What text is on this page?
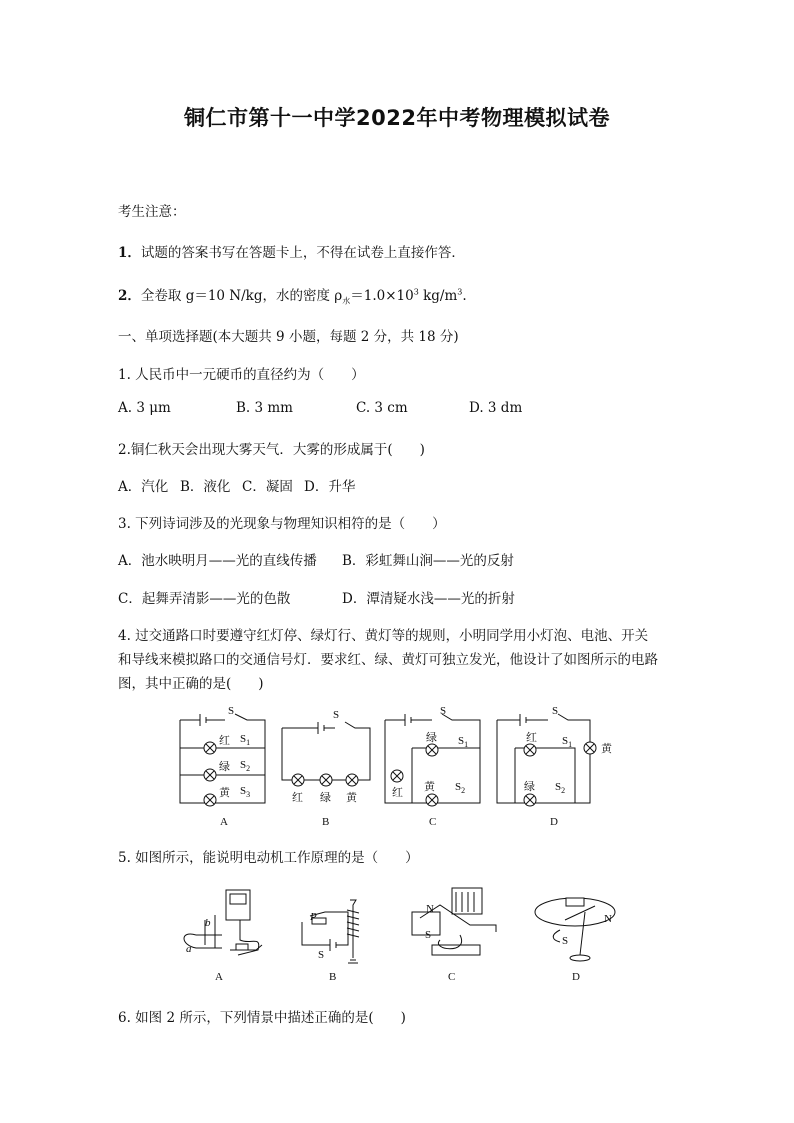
铜仁市第十一中学2022年中考物理模拟试卷
考生注意：
1．试题的答案书写在答题卡上，不得在试卷上直接作答．
2．全卷取 g＝10 N/kg，水的密度 $\rho_水=1.0\times 10^3$ $kg/m^3$.
一、单项选择题(本大题共 9 小题，每题 2 分，共 18 分)
1. 人民币中一元硬币的直径约为（　　）
A. 3 μm	B. 3 mm	C. 3 cm	D. 3 dm
2.铜仁秋天会出现大雾天气．大雾的形成属于(　　)
A．汽化 B．液化 C．凝固 D．升华
3. 下列诗词涉及的光现象与物理知识相符的是（　　）
A．池水映明月——光的直线传播 B．彩虹舞山涧——光的反射
C．起舞弄清影——光的色散	D．潭清疑水浅——光的折射
4. 过交通路口时要遵守红灯停、绿灯行、黄灯等的规则，小明同学用小灯泡、电池、开关
和导线来模拟路口的交通信号灯．要求红、绿、黄灯可独立发光，他设计了如图所示的电路
图，其中正确的是(　　)
S
$S_1$
$S_2$
$S_3$
红
绿
黄
A
S
红 绿 黄
B
S
$S_1$
$S_2$
绿
红 黄
C
S
$S_1$
$S_2$
红
绿
黄
D
5. 如图所示，能说明电动机工作原理的是（　　）
b
a
A
P
S
B
N
S
C
N
S
D
6. 如图 2 所示，下列情景中描述正确的是(　　)
